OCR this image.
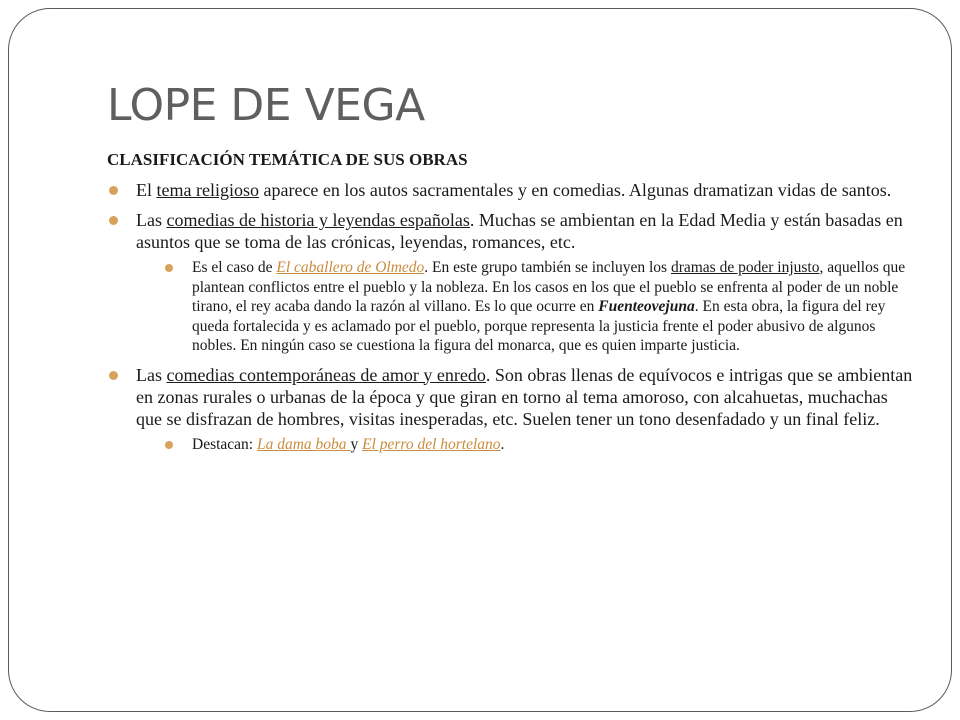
LOPE DE VEGA

CLASIFICACIÓN TEMÁTICA DE SUS OBRAS

El tema religioso aparece en los autos sacramentales y en comedias. Algunas dramatizan vidas de santos.
Las comedias de historia y leyendas españolas. Muchas se ambientan en la Edad Media y están basadas en asuntos que se toma de las crónicas, leyendas, romances, etc.
Es el caso de El caballero de Olmedo. En este grupo también se incluyen los dramas de poder injusto, aquellos que plantean conflictos entre el pueblo y la nobleza. En los casos en los que el pueblo se enfrenta al poder de un noble tirano, el rey acaba dando la razón al villano. Es lo que ocurre en Fuenteovejuna. En esta obra, la figura del rey queda fortalecida y es aclamado por el pueblo, porque representa la justicia frente el poder abusivo de algunos nobles. En ningún caso se cuestiona la figura del monarca, que es quien imparte justicia.
Las comedias contemporáneas de amor y enredo. Son obras llenas de equívocos e intrigas que se ambientan en zonas rurales o urbanas de la época y que giran en torno al tema amoroso, con alcahuetas, muchachas que se disfrazan de hombres, visitas inesperadas, etc. Suelen tener un tono desenfadado y un final feliz.
Destacan: La dama boba y El perro del hortelano.
